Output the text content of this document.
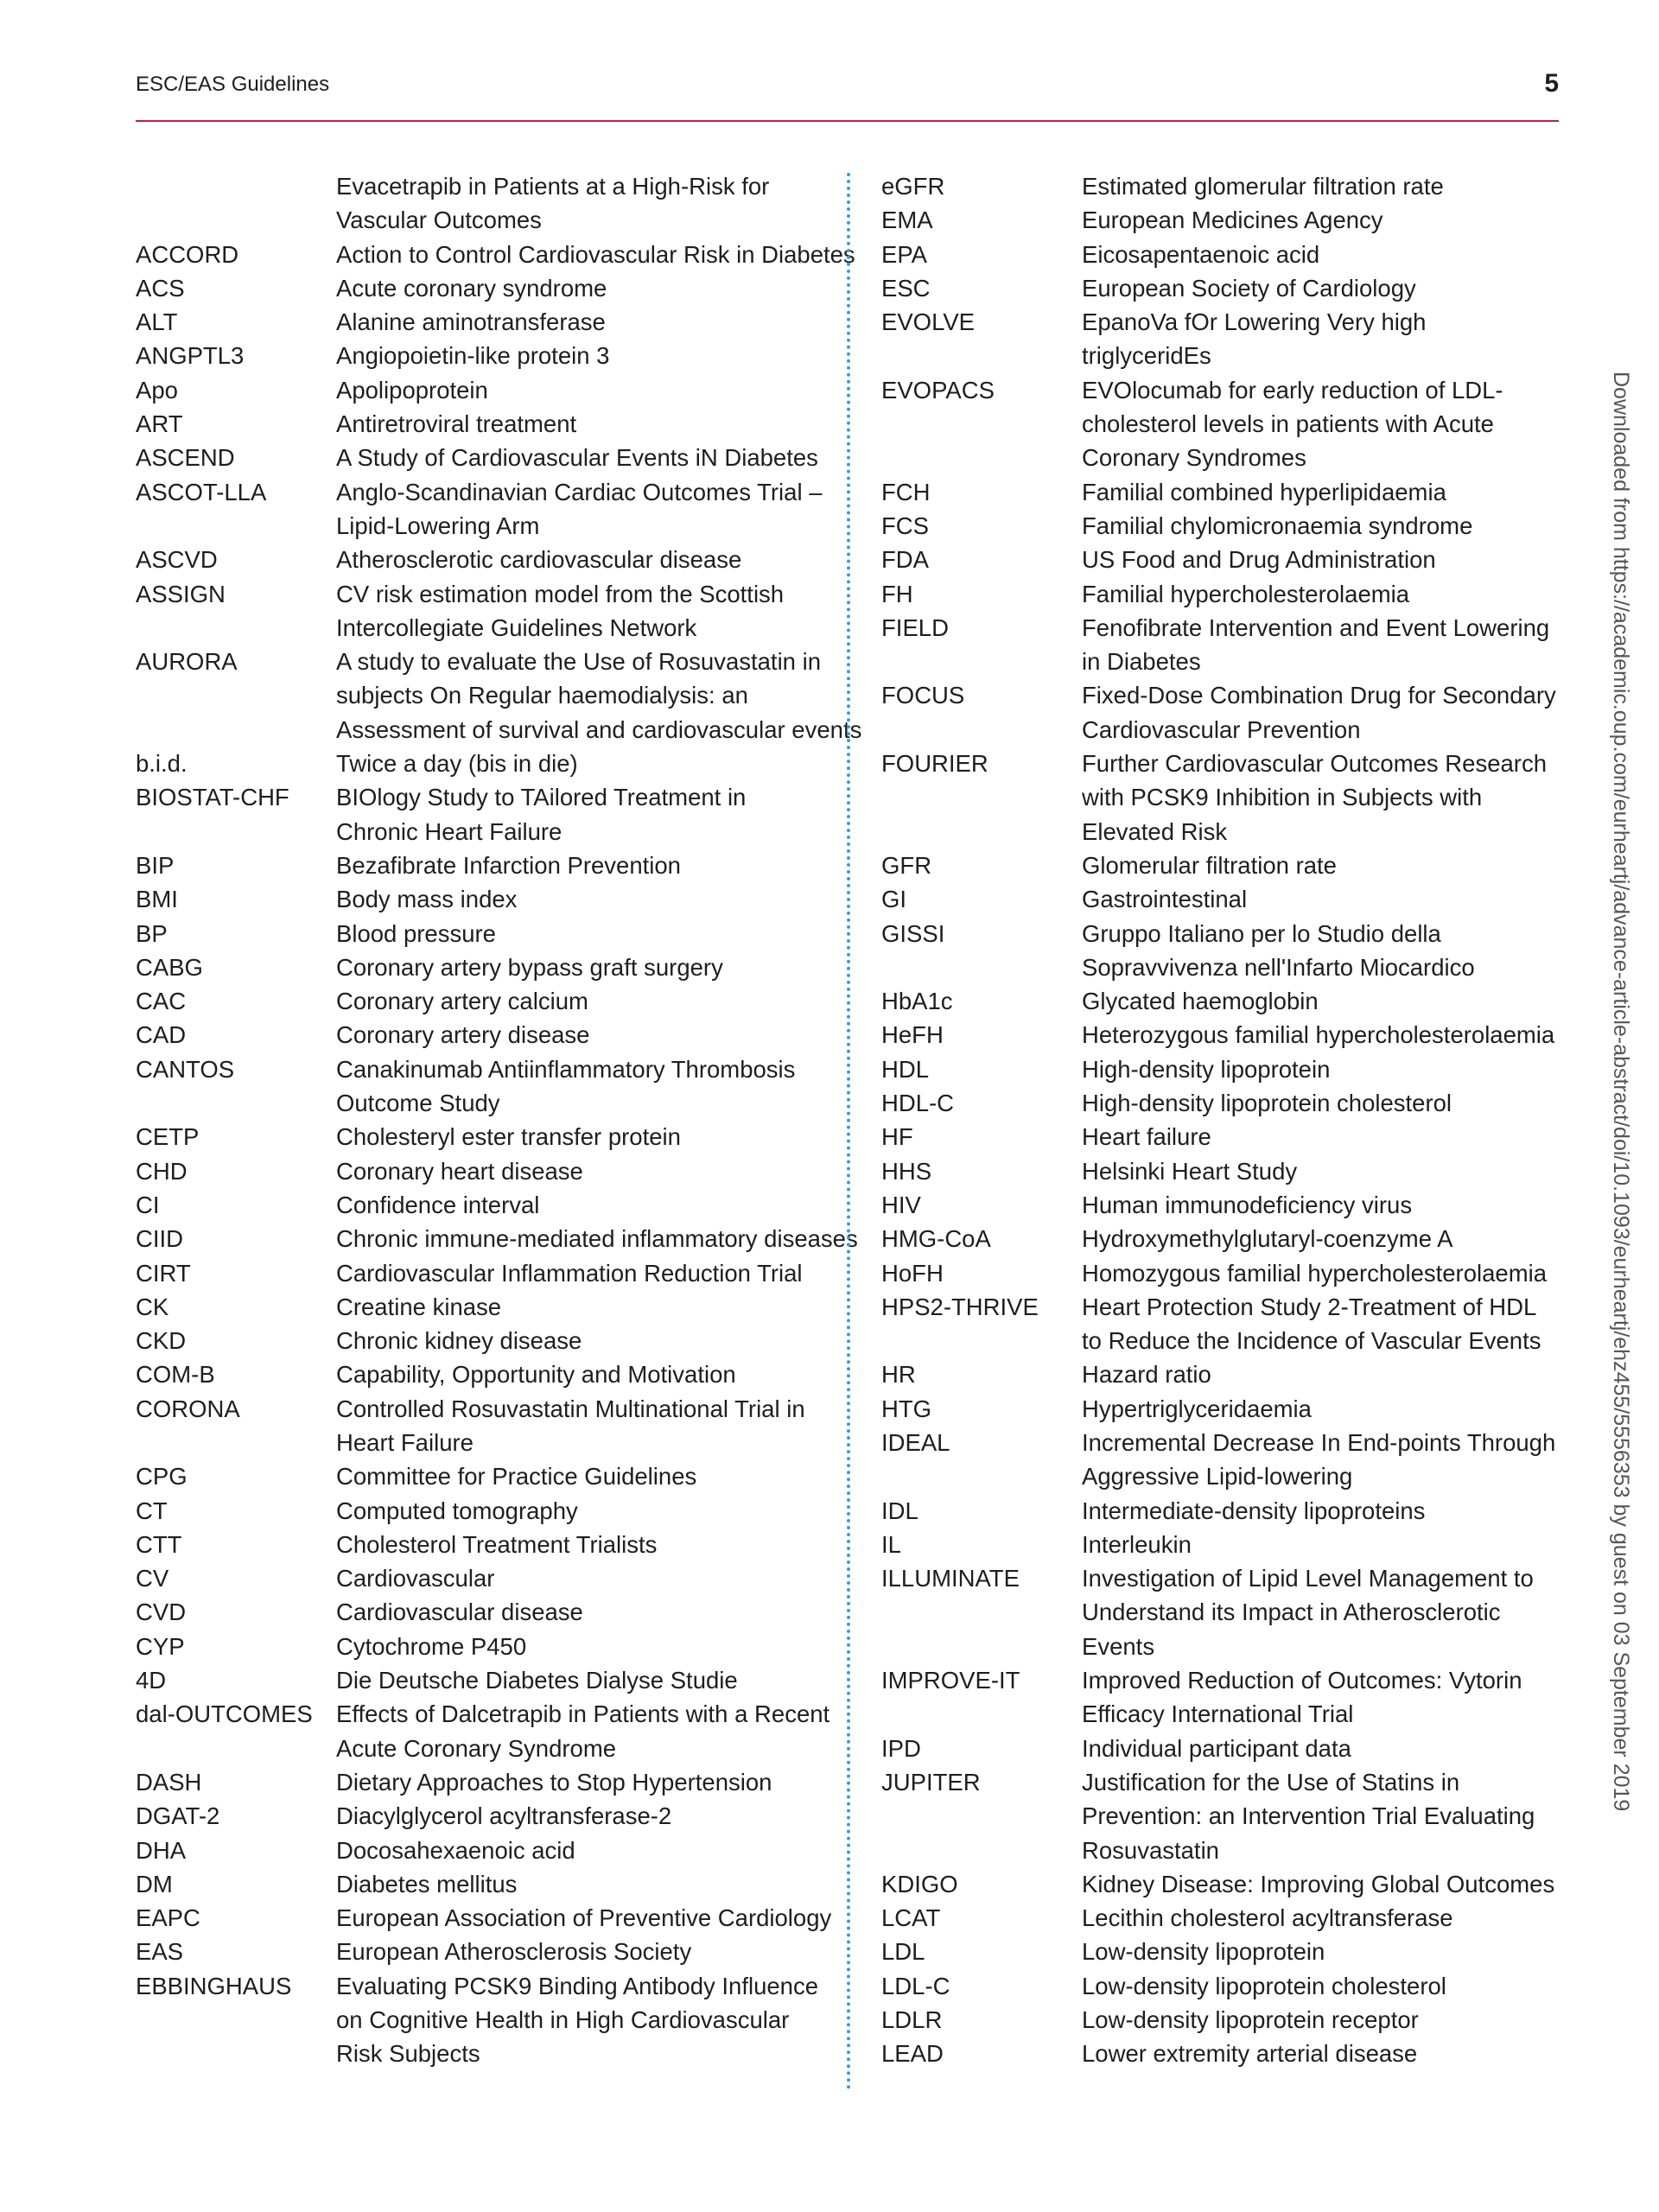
ESC/EAS Guidelines	5
Evacetrapib in Patients at a High-Risk for
Vascular Outcomes
ACCORD	Action to Control Cardiovascular Risk in Diabetes
ACS	Acute coronary syndrome
ALT	Alanine aminotransferase
ANGPTL3	Angiopoietin-like protein 3
Apo	Apolipoprotein
ART	Antiretroviral treatment
ASCEND	A Study of Cardiovascular Events iN Diabetes
ASCOT-LLA	Anglo-Scandinavian Cardiac Outcomes Trial –
Lipid-Lowering Arm
ASCVD	Atherosclerotic cardiovascular disease
ASSIGN	CV risk estimation model from the Scottish
Intercollegiate Guidelines Network
AURORA	A study to evaluate the Use of Rosuvastatin in
subjects On Regular haemodialysis: an
Assessment of survival and cardiovascular events
b.i.d.	Twice a day (bis in die)
BIOSTAT-CHF	BIOlogy Study to TAilored Treatment in
Chronic Heart Failure
BIP	Bezafibrate Infarction Prevention
BMI	Body mass index
BP	Blood pressure
CABG	Coronary artery bypass graft surgery
CAC	Coronary artery calcium
CAD	Coronary artery disease
CANTOS	Canakinumab Antiinflammatory Thrombosis
Outcome Study
CETP	Cholesteryl ester transfer protein
CHD	Coronary heart disease
CI	Confidence interval
CIID	Chronic immune-mediated inflammatory diseases
CIRT	Cardiovascular Inflammation Reduction Trial
CK	Creatine kinase
CKD	Chronic kidney disease
COM-B	Capability, Opportunity and Motivation
CORONA	Controlled Rosuvastatin Multinational Trial in
Heart Failure
CPG	Committee for Practice Guidelines
CT	Computed tomography
CTT	Cholesterol Treatment Trialists
CV	Cardiovascular
CVD	Cardiovascular disease
CYP	Cytochrome P450
4D	Die Deutsche Diabetes Dialyse Studie
dal-OUTCOMES Effects of Dalcetrapib in Patients with a Recent
Acute Coronary Syndrome
DASH	Dietary Approaches to Stop Hypertension
DGAT-2	Diacylglycerol acyltransferase-2
DHA	Docosahexaenoic acid
DM	Diabetes mellitus
EAPC	European Association of Preventive Cardiology
EAS	European Atherosclerosis Society
EBBINGHAUS	Evaluating PCSK9 Binding Antibody Influence
on Cognitive Health in High Cardiovascular
Risk Subjects
eGFR	Estimated glomerular filtration rate
EMA	European Medicines Agency
EPA	Eicosapentaenoic acid
ESC	European Society of Cardiology
EVOLVE	EpanoVa fOr Lowering Very high
triglyceridEs
EVOPACS	EVOlocumab for early reduction of LDL-
cholesterol levels in patients with Acute
Coronary Syndromes
FCH	Familial combined hyperlipidaemia
FCS	Familial chylomicronaemia syndrome
FDA	US Food and Drug Administration
FH	Familial hypercholesterolaemia
FIELD	Fenofibrate Intervention and Event Lowering
in Diabetes
FOCUS	Fixed-Dose Combination Drug for Secondary
Cardiovascular Prevention
FOURIER	Further Cardiovascular Outcomes Research
with PCSK9 Inhibition in Subjects with
Elevated Risk
GFR	Glomerular filtration rate
GI	Gastrointestinal
GISSI	Gruppo Italiano per lo Studio della
Sopravvivenza nell'Infarto Miocardico
HbA1c	Glycated haemoglobin
HeFH	Heterozygous familial hypercholesterolaemia
HDL	High-density lipoprotein
HDL-C	High-density lipoprotein cholesterol
HF	Heart failure
HHS	Helsinki Heart Study
HIV	Human immunodeficiency virus
HMG-CoA	Hydroxymethylglutaryl-coenzyme A
HoFH	Homozygous familial hypercholesterolaemia
HPS2-THRIVE	Heart Protection Study 2-Treatment of HDL
to Reduce the Incidence of Vascular Events
HR	Hazard ratio
HTG	Hypertriglyceridaemia
IDEAL	Incremental Decrease In End-points Through
Aggressive Lipid-lowering
IDL	Intermediate-density lipoproteins
IL	Interleukin
ILLUMINATE	Investigation of Lipid Level Management to
Understand its Impact in Atherosclerotic
Events
IMPROVE-IT	Improved Reduction of Outcomes: Vytorin
Efficacy International Trial
IPD	Individual participant data
JUPITER	Justification for the Use of Statins in
Prevention: an Intervention Trial Evaluating
Rosuvastatin
KDIGO	Kidney Disease: Improving Global Outcomes
LCAT	Lecithin cholesterol acyltransferase
LDL	Low-density lipoprotein
LDL-C	Low-density lipoprotein cholesterol
LDLR	Low-density lipoprotein receptor
LEAD	Lower extremity arterial disease
Downloaded from https://academic.oup.com/eurheartj/advance-article-abstract/doi/10.1093/eurheartj/ehz455/5556353 by guest on 03 September 2019
